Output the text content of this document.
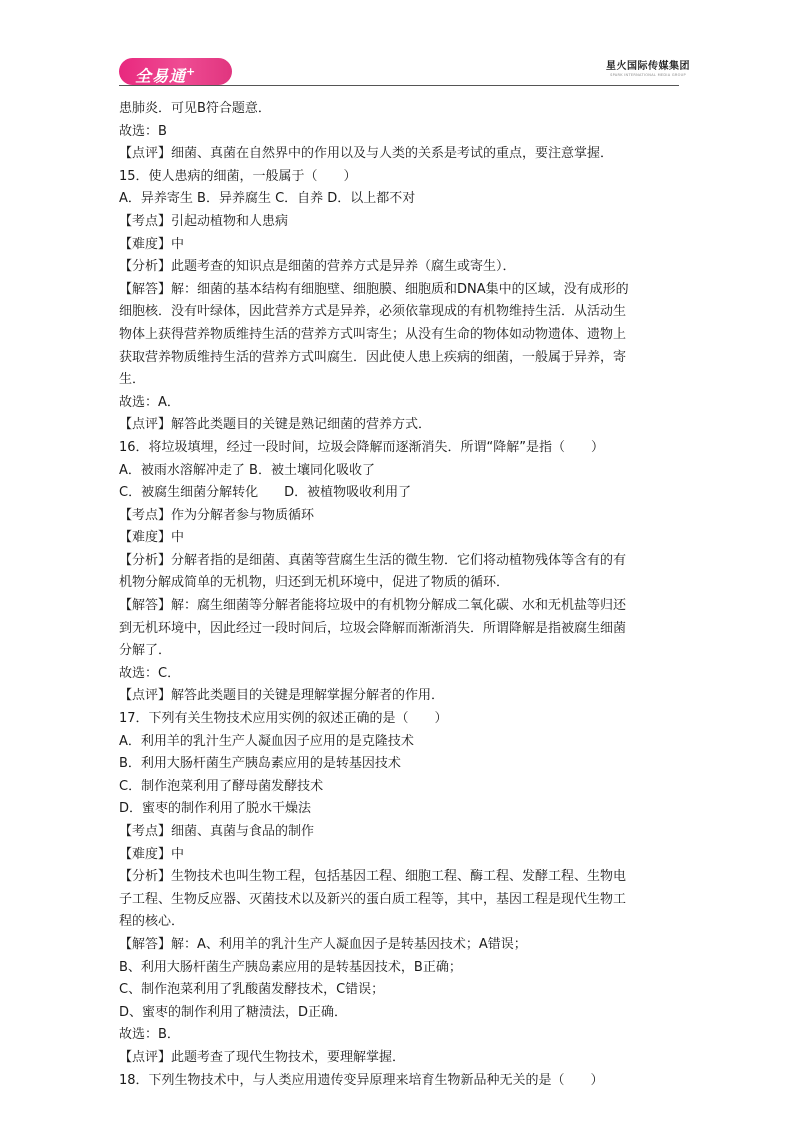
全易通+	星火国际传媒集团
SPARK INTERNATIONAL MEDIA GROUP
患肺炎．可见B符合题意．
故选：B
【点评】细菌、真菌在自然界中的作用以及与人类的关系是考试的重点，要注意掌握．
15．使人患病的细菌，一般属于（　　）
A．异养寄生 B．异养腐生 C．自养 D．以上都不对
【考点】引起动植物和人患病
【难度】中
【分析】此题考查的知识点是细菌的营养方式是异养（腐生或寄生）．
【解答】解：细菌的基本结构有细胞壁、细胞膜、细胞质和DNA集中的区域，没有成形的
细胞核．没有叶绿体，因此营养方式是异养，必须依靠现成的有机物维持生活．从活动生
物体上获得营养物质维持生活的营养方式叫寄生；从没有生命的物体如动物遗体、遗物上
获取营养物质维持生活的营养方式叫腐生．因此使人患上疾病的细菌，一般属于异养，寄
生．
故选：A．
【点评】解答此类题目的关键是熟记细菌的营养方式．
16．将垃圾填埋，经过一段时间，垃圾会降解而逐渐消失．所谓“降解”是指（　　）
A．被雨水溶解冲走了 B．被土壤同化吸收了
C．被腐生细菌分解转化　　D．被植物吸收利用了
【考点】作为分解者参与物质循环
【难度】中
【分析】分解者指的是细菌、真菌等营腐生生活的微生物．它们将动植物残体等含有的有
机物分解成简单的无机物，归还到无机环境中，促进了物质的循环．
【解答】解：腐生细菌等分解者能将垃圾中的有机物分解成二氧化碳、水和无机盐等归还
到无机环境中，因此经过一段时间后，垃圾会降解而渐渐消失．所谓降解是指被腐生细菌
分解了．
故选：C．
【点评】解答此类题目的关键是理解掌握分解者的作用．
17．下列有关生物技术应用实例的叙述正确的是（　　）
A．利用羊的乳汁生产人凝血因子应用的是克隆技术
B．利用大肠杆菌生产胰岛素应用的是转基因技术
C．制作泡菜利用了酵母菌发酵技术
D．蜜枣的制作利用了脱水干燥法
【考点】细菌、真菌与食品的制作
【难度】中
【分析】生物技术也叫生物工程，包括基因工程、细胞工程、酶工程、发酵工程、生物电
子工程、生物反应器、灭菌技术以及新兴的蛋白质工程等，其中，基因工程是现代生物工
程的核心．
【解答】解：A、利用羊的乳汁生产人凝血因子是转基因技术；A错误；
B、利用大肠杆菌生产胰岛素应用的是转基因技术，B正确；
C、制作泡菜利用了乳酸菌发酵技术，C错误；
D、蜜枣的制作利用了糖渍法，D正确．
故选：B．
【点评】此题考查了现代生物技术，要理解掌握．
18．下列生物技术中，与人类应用遗传变异原理来培育生物新品种无关的是（　　）
